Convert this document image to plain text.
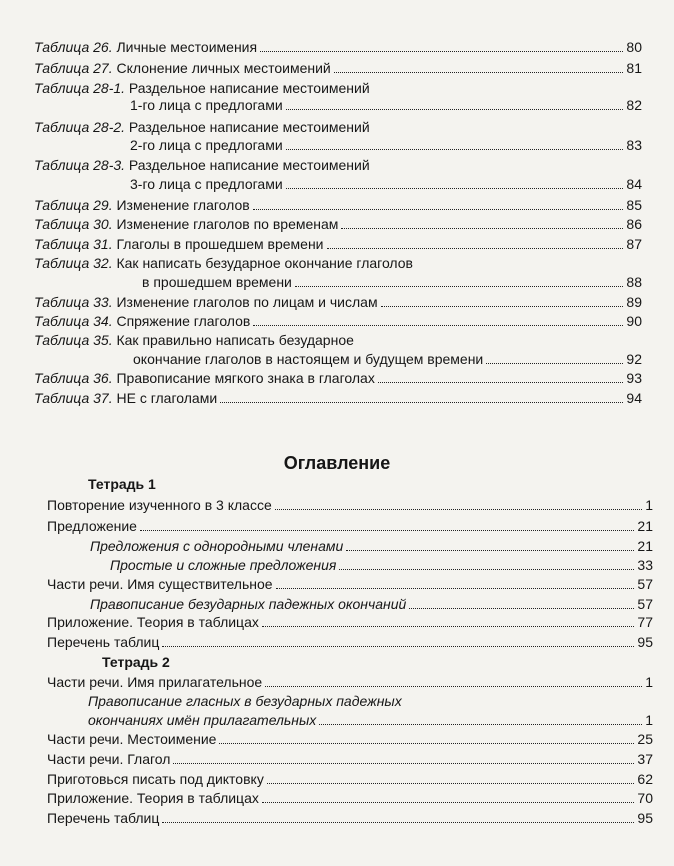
Таблица 26. Личные местоимения	80
Таблица 27. Склонение личных местоимений	81
Таблица 28-1. Раздельное написание местоимений
1-го лица с предлогами	82
Таблица 28-2. Раздельное написание местоимений
2-го лица с предлогами	83
Таблица 28-3. Раздельное написание местоимений
3-го лица с предлогами	84
Таблица 29. Изменение глаголов	85
Таблица 30. Изменение глаголов по временам	86
Таблица 31. Глаголы в прошедшем времени	87
Таблица 32. Как написать безударное окончание глаголов
в прошедшем времени	88
Таблица 33. Изменение глаголов по лицам и числам	89
Таблица 34. Спряжение глаголов	90
Таблица 35. Как правильно написать безударное
окончание глаголов в настоящем и будущем времени	92
Таблица 36. Правописание мягкого знака в глаголах	93
Таблица 37. НЕ с глаголами	94
Оглавление
Тетрадь 1
Повторение изученного в 3 классе	1
Предложение	21
Предложения с однородными членами	21
Простые и сложные предложения	33
Части речи. Имя существительное	57
Правописание безударных падежных окончаний	57
Приложение. Теория в таблицах	77
Перечень таблиц	95
Тетрадь 2
Части речи. Имя прилагательное	1
Правописание гласных в безударных падежных
окончаниях имён прилагательных	1
Части речи. Местоимение	25
Части речи. Глагол	37
Приготовься писать под диктовку	62
Приложение. Теория в таблицах	70
Перечень таблиц	95
